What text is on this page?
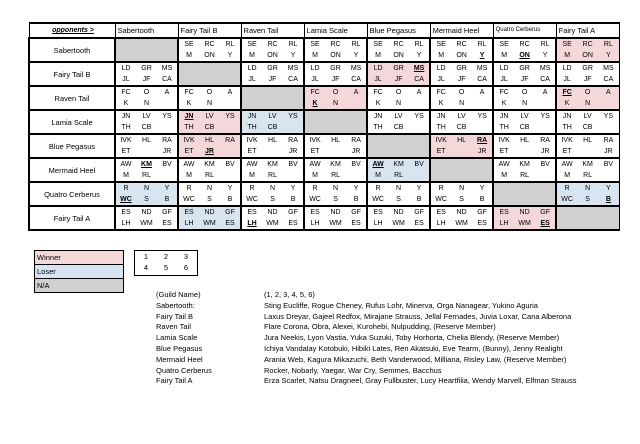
opponents >	Sabertooth			Fairy Tail B			Raven Tail			Lamia Scale			Blue Pegasus			Mermaid Heel			Quatro Cerberus			Fairy Tail A		
Sabertooth				SE	RC	RL	SE	RC	RL	SE	RC	RL	SE	RC	RL	SE	RC	RL	SE	RC	RL	SE	RC	RL
				M	ON	Y	M	ON	Y	M	ON	Y	M	ON	Y	M	ON	Y	M	ON	Y	M	ON	Y
Fairy Tail B	LD	GR	MS				LD	GR	MS	LD	GR	MS	LD	GR	MS	LD	GR	MS	LD	GR	MS	LD	GR	MS
	JL	JF	CA				JL	JF	CA	JL	JF	CA	JL	JF	CA	JL	JF	CA	JL	JF	CA	JL	JF	CA
Raven Tail	FC	O	A	FC	O	A				FC	O	A	FC	O	A	FC	O	A	FC	O	A	FC	O	A
	K	N		K	N					K	N		K	N		K	N		K	N		K	N	
Lamia Scale	JN	LV	YS	JN	LV	YS	JN	LV	YS				JN	LV	YS	JN	LV	YS	JN	LV	YS	JN	LV	YS
	TH	CB		TH	CB		TH	CB					TH	CB		TH	CB		TH	CB		TH	CB	
Blue Pegasus	IVK	HL	RA	IVK	HL	RA	IVK	HL	RA	IVK	HL	RA				IVK	HL	RA	IVK	HL	RA	IVK	HL	RA
	ET		JR	ET	JR		ET		JR	ET		JR				ET		JR	ET		JR	ET		JR
Mermaid Heel	AW	KM	BV	AW	KM	BV	AW	KM	BV	AW	KM	BV	AW	KM	BV				AW	KM	BV	AW	KM	BV
	M	RL		M	RL		M	RL		M	RL		M	RL					M	RL		M	RL	
Quatro Cerberus	R	N	Y	R	N	Y	R	N	Y	R	N	Y	R	N	Y	R	N	Y				R	N	Y
	WC	S	B	WC	S	B	WC	S	B	WC	S	B	WC	S	B	WC	S	B				WC	S	B
Fairy Tail A	ES	ND	GF	ES	ND	GF	ES	ND	GF	ES	ND	GF	ES	ND	GF	ES	ND	GF	ES	ND	GF			
	LH	WM	ES	LH	WM	ES	LH	WM	ES	LH	WM	ES	LH	WM	ES	LH	WM	ES	LH	WM	ES			
Winner
Loser
N/A
1	2	3
4	5	6
(Guild Name)	(1, 2, 3, 4, 5, 6)
Sabertooth:	Sting Eucliffe, Rogue Cheney, Rufus Lohr, Minerva, Orga Nanagear, Yukino Aguria
Fairy Tail B	Laxus Dreyar, Gajeel Redfox, Mirajane Strauss, Jellal Fernades, Juvia Loxar, Cana Alberona
Raven Tail	Flare Corona, Obra, Alexei, Kurohebi, Nulpudding, (Reserve Member)
Lamia Scale	Jura Neekis, Lyon Vastia, Yuka Suzuki, Toby Horhorta, Chelia Blendy, (Reserve Member)
Blue Pegasus	Ichiya Vandalay Kotobuki, Hibiki Lates, Ren Akatsuki, Eve Tearm, (Bunny), Jenny Realight
Mermaid Heel	Arania Web, Kagura Mikazuchi, Beth Vanderwood, Milliana, Risley Law, (Reserve Member)
Quatro Cerberus	Rocker, Nobarly, Yaegar, War Cry, Semmes, Bacchus
Fairy Tail A	Erza Scarlet, Natsu Dragneel, Gray Fullbuster, Lucy Heartfilia, Wendy Marvell, Elfman Strauss
